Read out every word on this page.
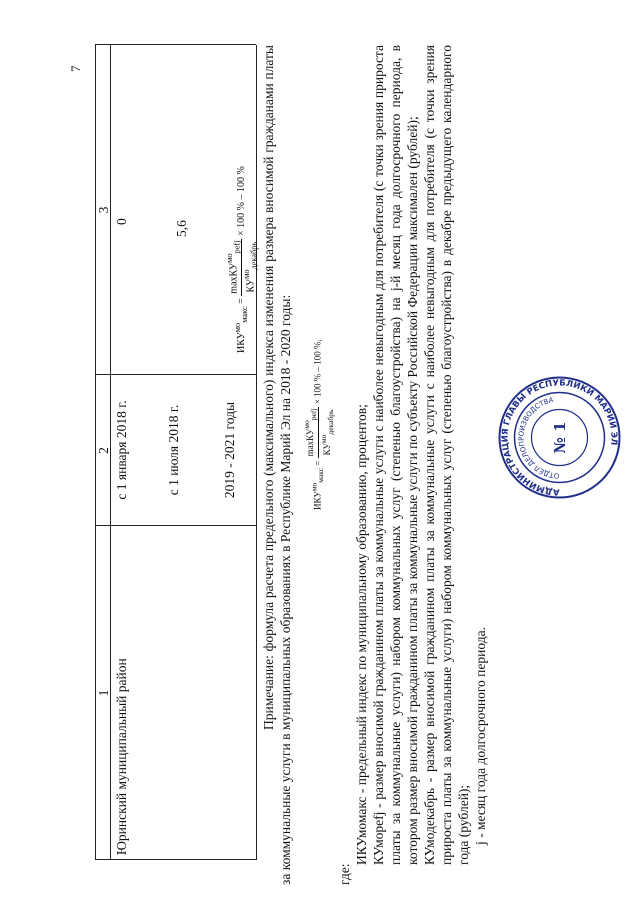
7
1
2
3
Юринский муниципальный район
с 1 января 2018 г.
0
с 1 июля 2018 г.
5,6
2019 - 2021 годы
$ИКУ^{мо}_{макс}$ =
maxКУ$^{мо}_{pefj}$
$КУ^{мо}_{декабрь}$
× 100 % – 100 %	Примечание: формула расчета предельного (максимального) индекса изменения размера вносимой гражданами платы за коммунальные услуги в муниципальных образованиях в Республике Марий Эл на 2018 - 2020 годы:	$ИКУ^{мо}_{макс}$ =
maxКУ$^{мо}_{pefj}$
$КУ^{мо}_{декабрь}$
× 100 % – 100 %,

где:

ИКУмомакс - предельный индекс по муниципальному образованию, процентов; КУмоpefj - размер вносимой гражданином платы за коммунальные услуги с наиболее невыгодным для потребителя (с точки зрения прироста платы за коммунальные услуги) набором коммунальных услуг (степенью благоустройства) на j-й месяц года долгосрочного периода, в котором размер вносимой гражданином платы за коммунальные услуги по субъекту Российской Федерации максимален (рублей); КУмодекабрь - размер вносимой гражданином платы за коммунальные услуги с наиболее невыгодным для потребителя (с точки зрения прироста платы за коммунальные услуги) набором коммунальных услуг (степенью благоустройства) в декабре предыдущего календарного года (рублей); j - месяц года долгосрочного периода.

АДМИНИСТРАЦИЯ ГЛАВЫ РЕСПУБЛИКИ МАРИЙ ЭЛ
ОТДЕЛ ДЕЛОПРОИЗВОДСТВА
№ 1
